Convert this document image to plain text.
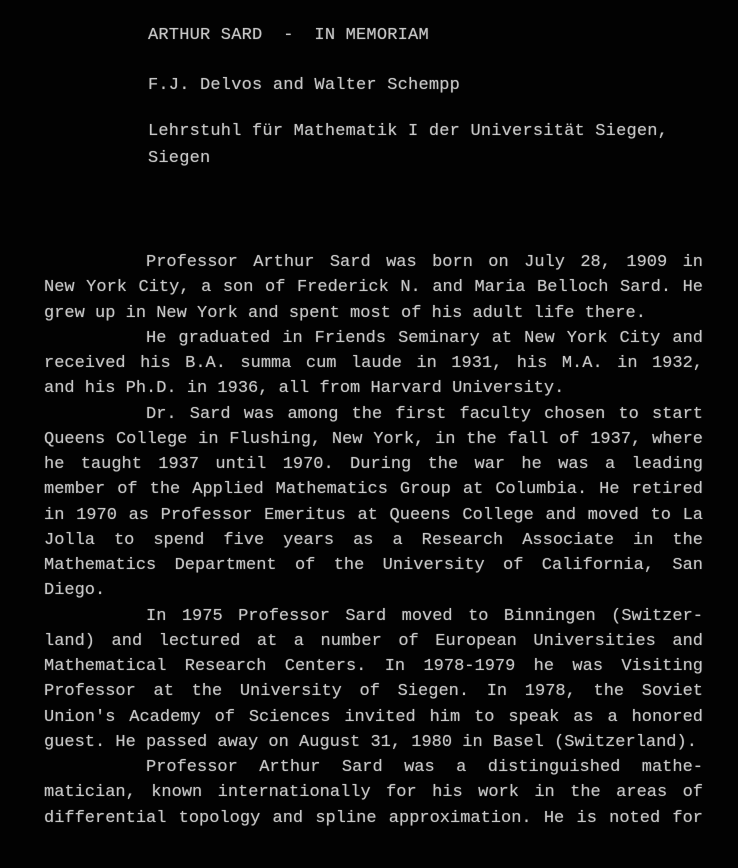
ARTHUR SARD  -  IN MEMORIAM
F.J. Delvos and Walter Schempp
Lehrstuhl für Mathematik I der Universität Siegen,
Siegen
Professor Arthur Sard was born on July 28, 1909 in
New York City, a son of Frederick N. and Maria Belloch Sard. He
grew up in New York and spent most of his adult life there.
He graduated in Friends Seminary at New York City and
received his B.A. summa cum laude in 1931, his M.A. in 1932,
and his Ph.D. in 1936, all from Harvard University.
Dr. Sard was among the first faculty chosen to start
Queens College in Flushing, New York, in the fall of 1937, where
he taught 1937 until 1970. During the war he was a leading
member of the Applied Mathematics Group at Columbia. He retired
in 1970 as Professor Emeritus at Queens College and moved to La
Jolla to spend five years as a Research Associate in the
Mathematics Department of the University of California, San
Diego.
In 1975 Professor Sard moved to Binningen (Switzer-
land) and lectured at a number of European Universities and
Mathematical Research Centers. In 1978-1979 he was Visiting
Professor at the University of Siegen. In 1978, the Soviet
Union's Academy of Sciences invited him to speak as a honored
guest. He passed away on August 31, 1980 in Basel (Switzerland).
Professor Arthur Sard was a distinguished mathe-
matician, known internationally for his work in the areas of
differential topology and spline approximation. He is noted for
